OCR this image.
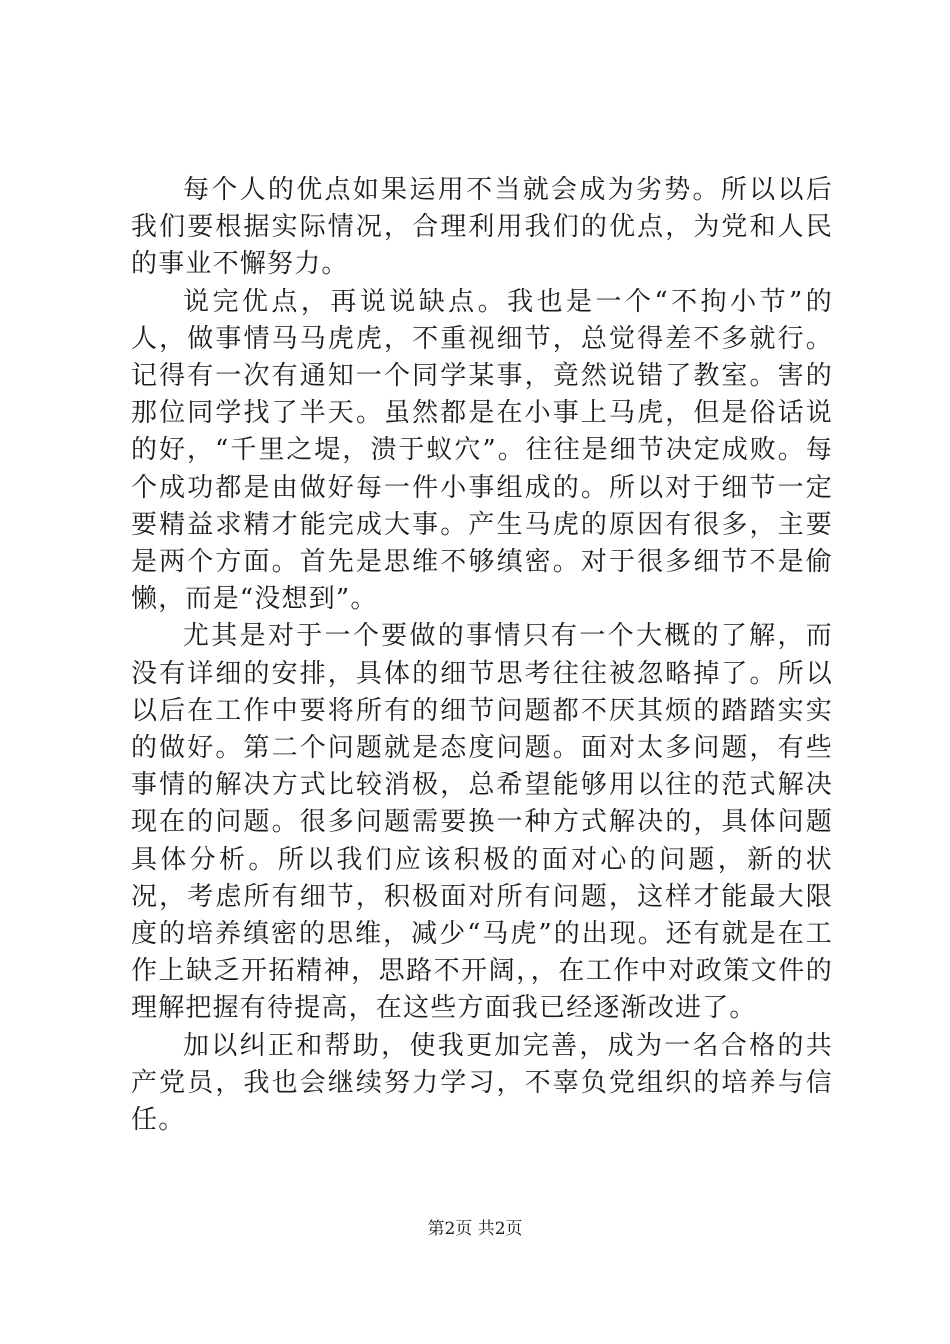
每个人的优点如果运用不当就会成为劣势。所以以后我们要根据实际情况，合理利用我们的优点，为党和人民的事业不懈努力。

说完优点，再说说缺点。我也是一个“不拘小节”的人，做事情马马虎虎，不重视细节，总觉得差不多就行。记得有一次有通知一个同学某事，竟然说错了教室。害的那位同学找了半天。虽然都是在小事上马虎，但是俗话说的好，“千里之堤，溃于蚁穴”。往往是细节决定成败。每个成功都是由做好每一件小事组成的。所以对于细节一定要精益求精才能完成大事。产生马虎的原因有很多，主要是两个方面。首先是思维不够缜密。对于很多细节不是偷懒，而是“没想到”。

尤其是对于一个要做的事情只有一个大概的了解，而没有详细的安排，具体的细节思考往往被忽略掉了。所以以后在工作中要将所有的细节问题都不厌其烦的踏踏实实的做好。第二个问题就是态度问题。面对太多问题，有些事情的解决方式比较消极，总希望能够用以往的范式解决现在的问题。很多问题需要换一种方式解决的，具体问题具体分析。所以我们应该积极的面对心的问题，新的状况，考虑所有细节，积极面对所有问题，这样才能最大限度的培养缜密的思维，减少“马虎”的出现。还有就是在工作上缺乏开拓精神，思路不开阔，，在工作中对政策文件的理解把握有待提高，在这些方面我已经逐渐改进了。

加以纠正和帮助，使我更加完善，成为一名合格的共产党员，我也会继续努力学习，不辜负党组织的培养与信任。

第2页 共2页
